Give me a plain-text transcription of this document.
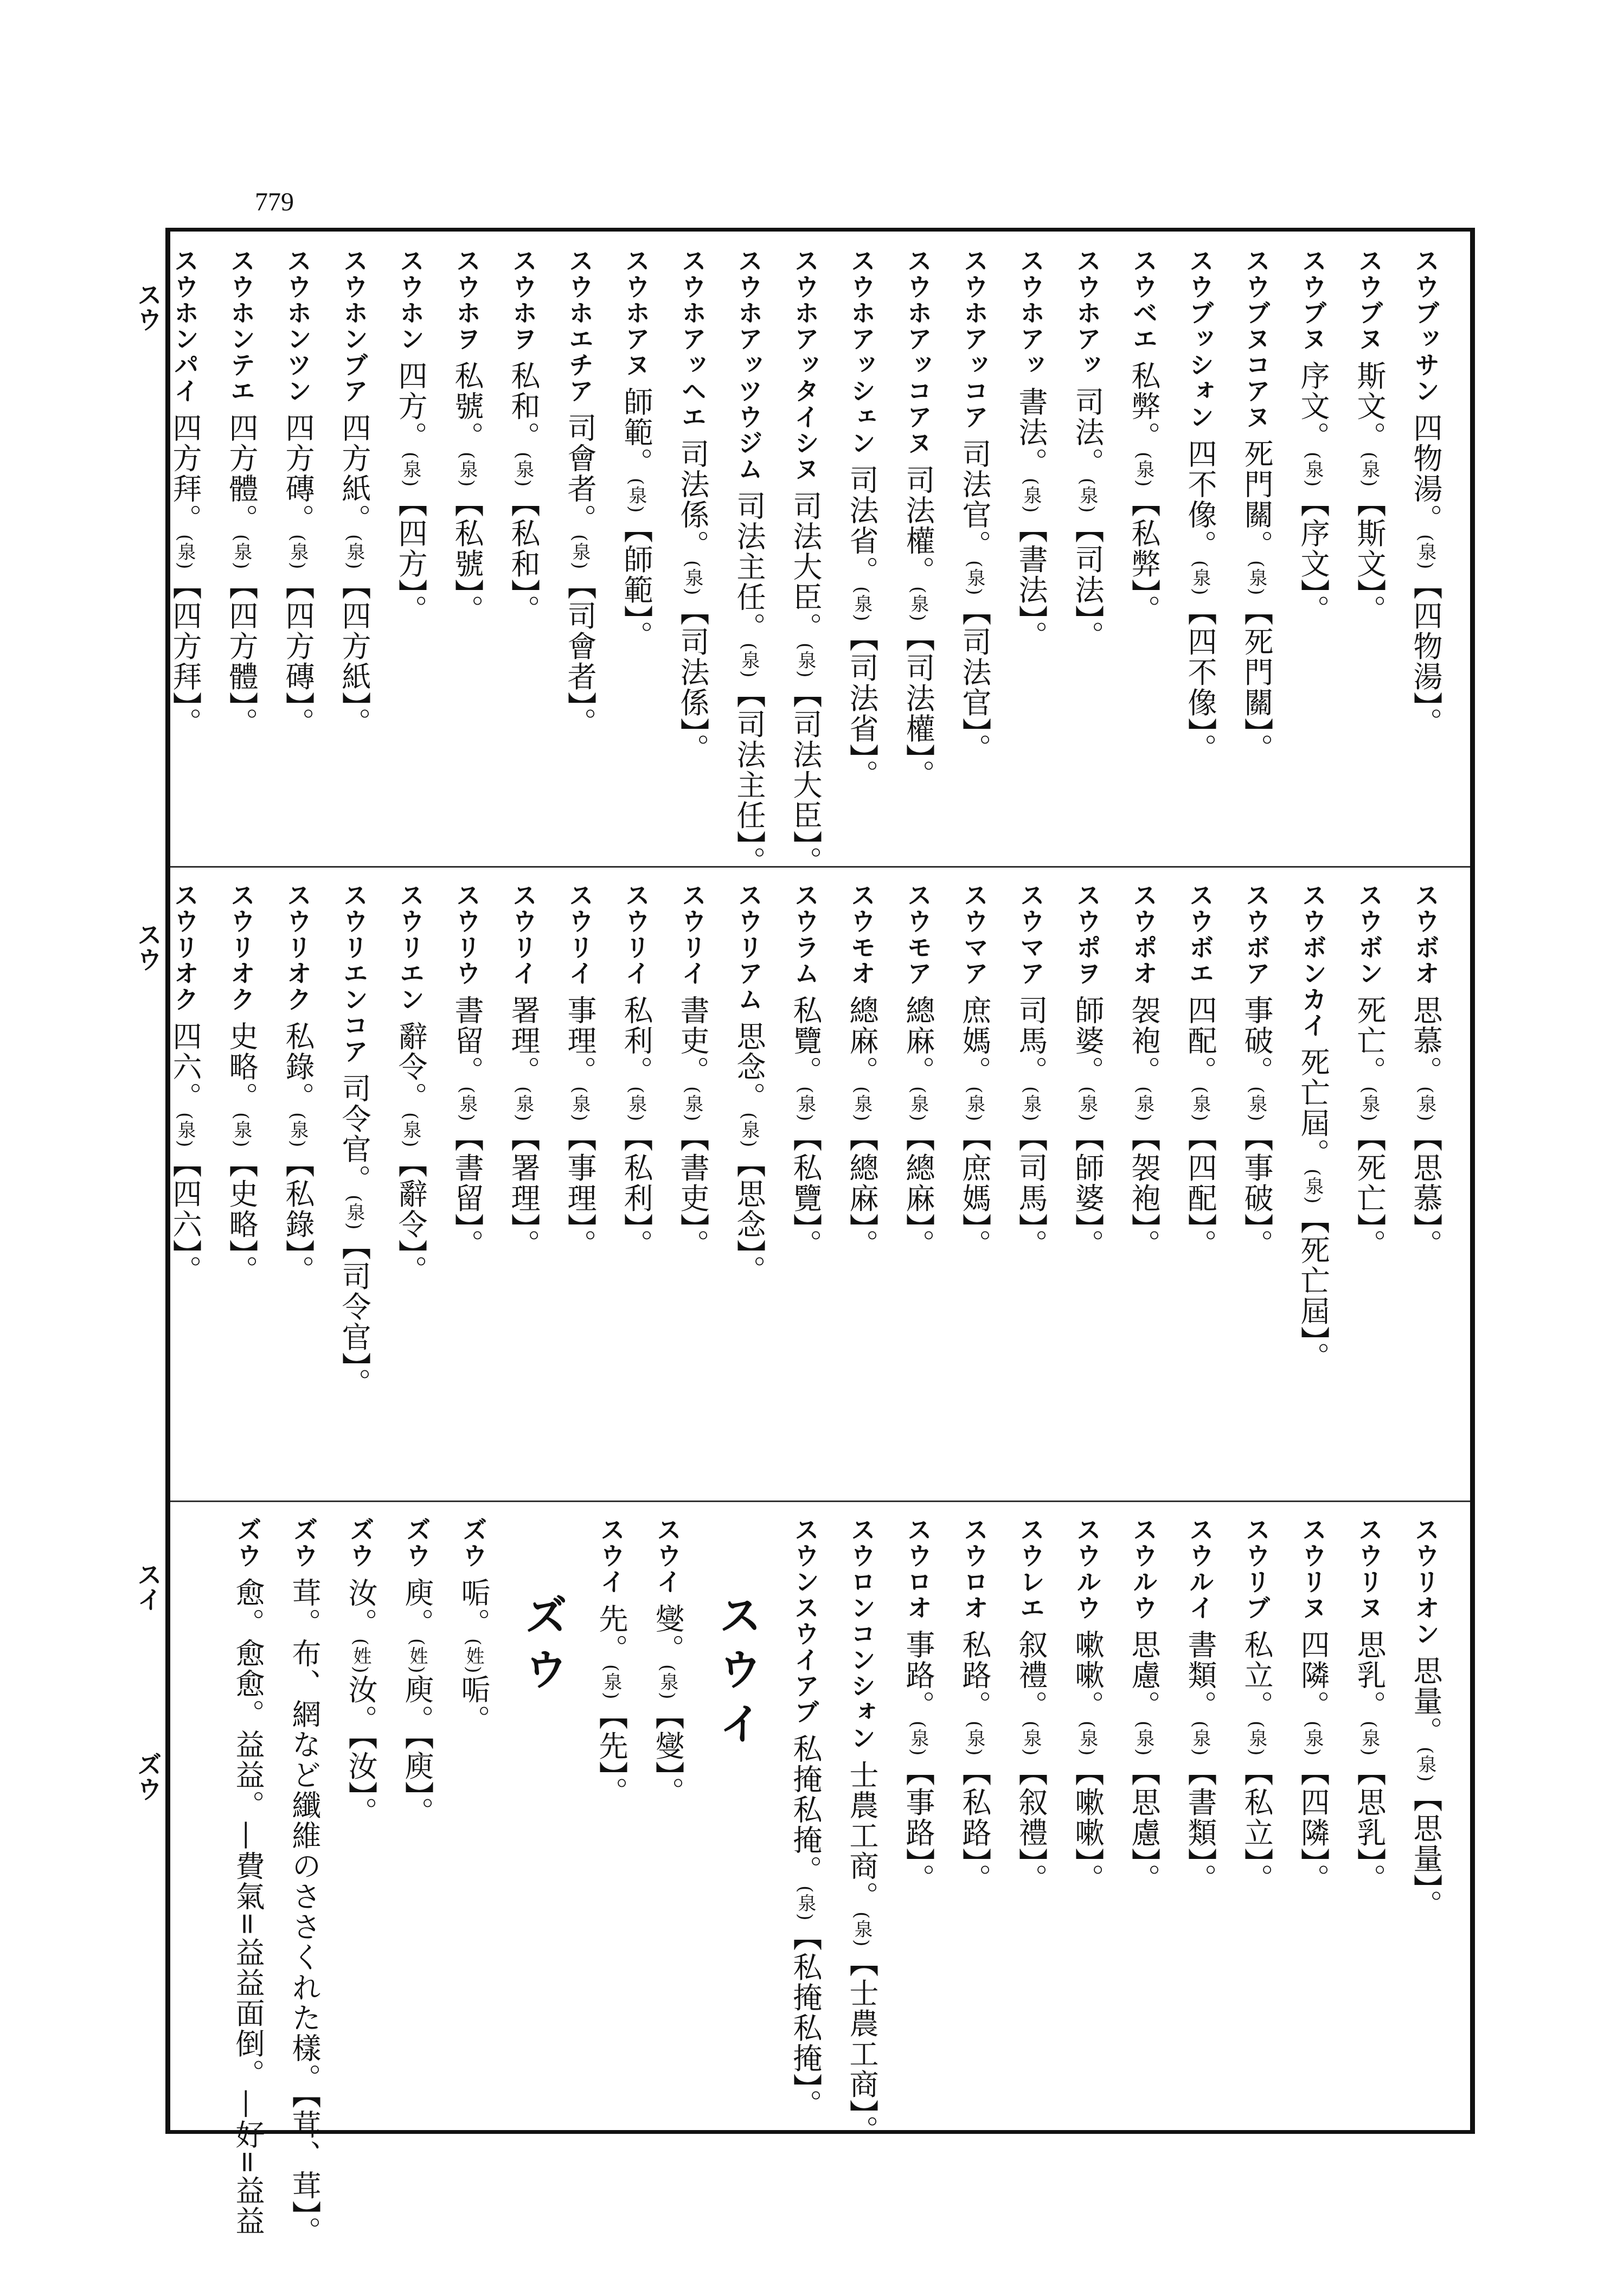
779
スウ
スウ
スイ
ズウ
スウブッサン四物湯。(泉)【四物湯】。
スウブヌ斯文。(泉)【斯文】。
スウブヌ序文。(泉)【序文】。
スウブヌコアヌ死門關。(泉)【死門關】。
スウブッシォン四不像。(泉)【四不像】。
スウベエ私弊。(泉)【私弊】。
スウホアッ司法。(泉)【司法】。
スウホアッ書法。(泉)【書法】。
スウホアッコア司法官。(泉)【司法官】。
スウホアッコアヌ司法權。(泉)【司法權】。
スウホアッシェン司法省。(泉)【司法省】。
スウホアッタイシヌ司法大臣。(泉)【司法大臣】。
スウホアッツウジム司法主任。(泉)【司法主任】。
スウホアッヘエ司法係。(泉)【司法係】。
スウホアヌ師範。(泉)【師範】。
スウホエチア司會者。(泉)【司會者】。
スウホヲ私和。(泉)【私和】。
スウホヲ私號。(泉)【私號】。
スウホン四方。(泉)【四方】。
スウホンブア四方紙。(泉)【四方紙】。
スウホンツン四方磚。(泉)【四方磚】。
スウホンテエ四方體。(泉)【四方體】。
スウホンパイ四方拜。(泉)【四方拜】。
スウボオ思慕。(泉)【思慕】。
スウボン死亡。(泉)【死亡】。
スウボンカイ死亡屆。(泉)【死亡屆】。
スウボア事破。(泉)【事破】。
スウボエ四配。(泉)【四配】。
スウポオ袈袍。(泉)【袈袍】。
スウポヲ師婆。(泉)【師婆】。
スウマア司馬。(泉)【司馬】。
スウマア庶媽。(泉)【庶媽】。
スウモア總麻。(泉)【總麻】。
スウモオ總麻。(泉)【總麻】。
スウラム私覽。(泉)【私覽】。
スウリアム思念。(泉)【思念】。
スウリイ書吏。(泉)【書吏】。
スウリイ私利。(泉)【私利】。
スウリイ事理。(泉)【事理】。
スウリイ署理。(泉)【署理】。
スウリウ書留。(泉)【書留】。
スウリエン辭令。(泉)【辭令】。
スウリエンコア司令官。(泉)【司令官】。
スウリオク私錄。(泉)【私錄】。
スウリオク史略。(泉)【史略】。
スウリオク四六。(泉)【四六】。
スウリオン思量。(泉)【思量】。
スウリヌ思乳。(泉)【思乳】。
スウリヌ四隣。(泉)【四隣】。
スウリブ私立。(泉)【私立】。
スウルイ書類。(泉)【書類】。
スウルウ思慮。(泉)【思慮】。
スウルウ嗽嗽。(泉)【嗽嗽】。
スウレエ叙禮。(泉)【叙禮】。
スウロオ私路。(泉)【私路】。
スウロオ事路。(泉)【事路】。
スウロンコンシォン士農工商。(泉)【士農工商】。
スウンスウイアブ私掩私掩。(泉)【私掩私掩】。
スウイ
スウイ燮。(泉)【燮】。
スウイ先。(泉)【先】。
ズウ
ズウ㖃。(姓)㖃。
ズウ庾。(姓)庾。【庾】。
ズウ汝。(姓)汝。【汝】。
ズウ茸。布、網など纖維のささくれた樣。【茸、茸】。
ズウ愈。愈愈。益益。—費氣=益益面倒。—好=益益
